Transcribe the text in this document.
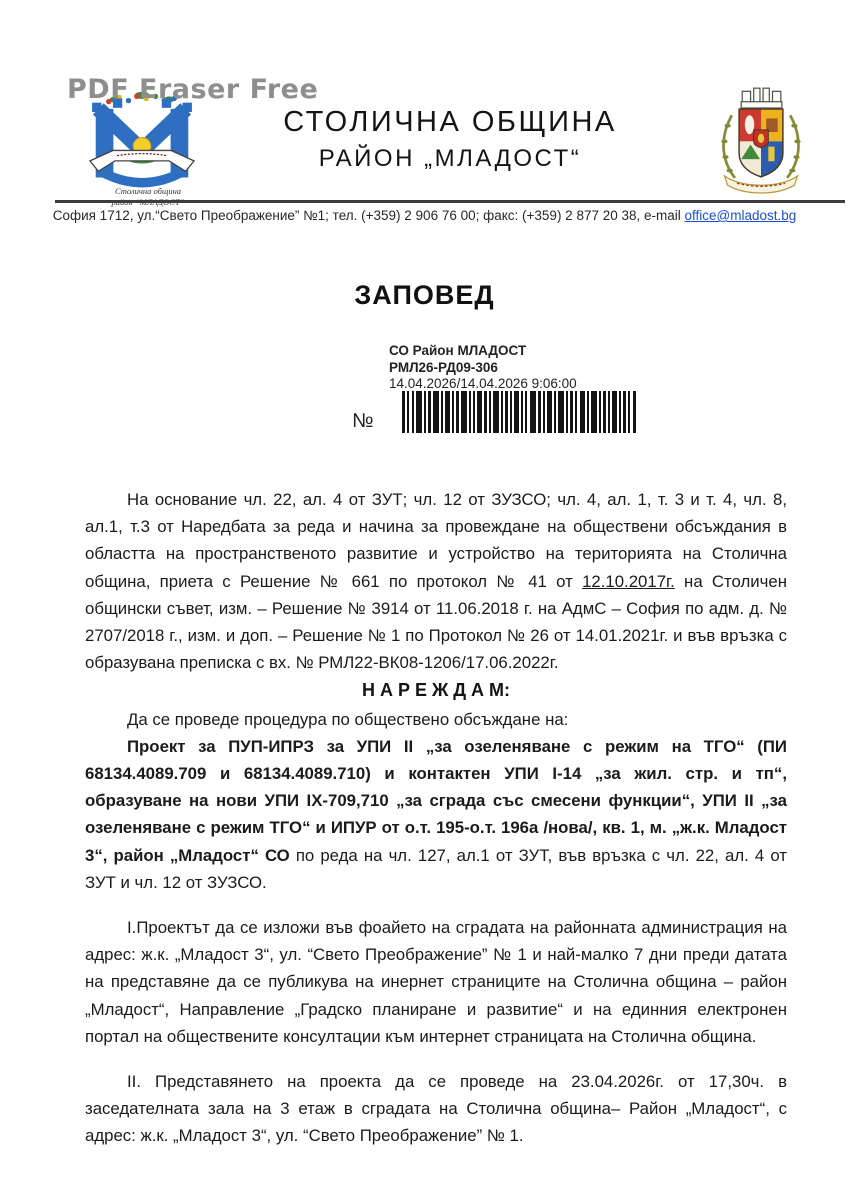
PDF Eraser Free
Столична община
СТОЛИЧНА ОБЩИНА
РАЙОН „МЛАДОСТ“
София 1712, ул.“Свето Преображение” №1; тел. (+359) 2 906 76 00; факс: (+359) 2 877 20 38, e-mail office@mladost.bg
ЗАПОВЕД
СО Район МЛАДОСТ
РМЛ26-РД09-306
14.04.2026/14.04.2026 9:06:00
№

На основание чл. 22, ал. 4 от ЗУТ; чл. 12 от ЗУЗСО; чл. 4, ал. 1, т. 3 и т. 4, чл. 8, ал.1, т.3 от Наредбата за реда и начина за провеждане на обществени обсъждания в областта на пространственото развитие и устройство на територията на Столична община, приета с Решение № 661 по протокол № 41 от 12.10.2017г. на Столичен общински съвет, изм. – Решение № 3914 от 11.06.2018 г. на АдмС – София по адм. д. № 2707/2018 г., изм. и доп. – Решение № 1 по Протокол № 26 от 14.01.2021г. и във връзка с образувана преписка с вх. № РМЛ22-ВК08-1206/17.06.2022г.

Н А Р Е Ж Д А М:

Да се проведе процедура по обществено обсъждане на:

Проект за ПУП-ИПРЗ за УПИ II „за озеленяване с режим на ТГО“ (ПИ 68134.4089.709 и 68134.4089.710) и контактен УПИ I-14 „за жил. стр. и тп“, образуване на нови УПИ IX-709,710 „за сграда със смесени функции“, УПИ II „за озеленяване с режим ТГО“ и ИПУР от о.т. 195-о.т. 196а /нова/, кв. 1, м. „ж.к. Младост 3“, район „Младост“ СО по реда на чл. 127, ал.1 от ЗУТ, във връзка с чл. 22, ал. 4 от ЗУТ и чл. 12 от ЗУЗСО.

I.Проектът да се изложи във фоайето на сградата на районната администрация на адрес: ж.к. „Младост 3“, ул. “Свето Преображение” № 1 и най-малко 7 дни преди датата на представяне да се публикува на инернет страниците на Столична община – район „Младост“, Направление „Градско планиране и развитие“ и на единния електронен портал на обществените консултации към интернет страницата на Столична община.

II. Представянето на проекта да се проведе на 23.04.2026г. от 17,30ч. в заседателната зала на 3 етаж в сградата на Столична община– Район „Младост“, с адрес: ж.к. „Младост 3“, ул. “Свето Преображение” № 1.
